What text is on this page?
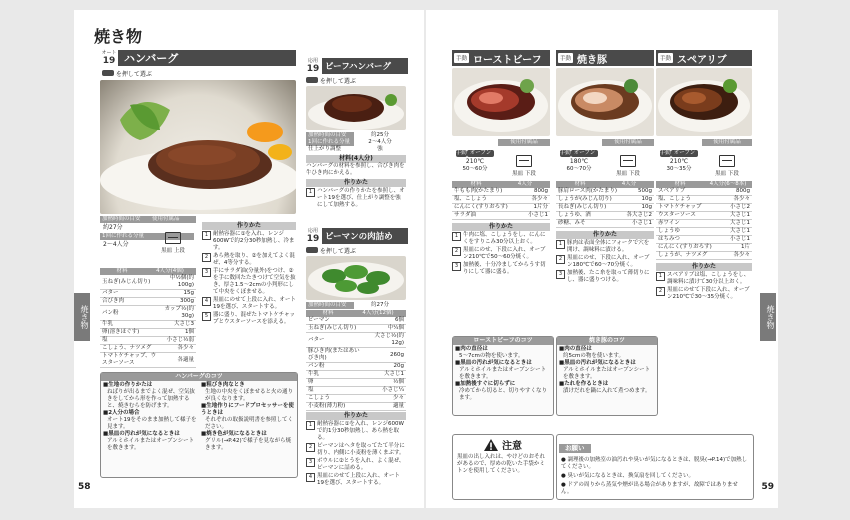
焼き物
オート
19 ハンバーグ
を押して選ぶ
加熱時間の目安
約27分
1回に作れる分量
2～4人分
使用付属品
黒皿 上段
材料	4人分(4個)
玉ねぎ(みじん切り)	中½個(約100g)
バター	15g
合びき肉	300g
パン粉	カップ½(約30g)
牛乳	大さじ3
卵(溶きほぐす)	1個
塩	小さじ½弱
こしょう、ナツメグ	各少々
トマトケチャップ、ウスターソース	各適量
作りかた
1 耐熱容器に①を入れ、レンジ600Wで約2分30秒加熱し、冷ます。
2 あら熱を取り、②を加えてよく混ぜ、4等分する。
3 手にサラダ油(分量外)をつけ、②を手に数回たたきつけて空気を抜き、厚さ1.5～2cmの小判形にして中央をくぼませる。
4 黒皿にのせて上段に入れ、オート19を選び、スタートする。
5 器に盛り、混ぜたトマトケチャップとウスターソースを添える。
応用
19 ビーフハンバーグ
を押して選ぶ
加熱時間の目安	約25分
1回に作れる分量	2～4人分
仕上がり調整	強
材料(4人分)
ハンバーグの材料を参照し、合びき肉を牛ひき肉にかえる。
作りかた
1 ハンバーグの作りかたを参照し、オート19を選び、仕上がり調整を強にして加熱する。
応用
19 ピーマンの肉詰め
を押して選ぶ
加熱時間の目安	約27分
材料	4人分(12個)
ピーマン	6個
玉ねぎ(みじん切り)	中¼個
バター	大さじ½(約12g)
豚ひき肉(またはあいびき肉)	260g
パン粉	20g
牛乳	大さじ1
卵	½個
塩	小さじ¼
こしょう	少々
小麦粉(薄力粉)	適量
作りかた
1 耐熱容器に①を入れ、レンジ600Wで約1分30秒加熱し、あら熱を取る。
2 ピーマンはヘタを取ってたて半分に切り、内側に小麦粉を薄くまぶす。
3 ボウルに②とうを入れ、よく混ぜ、ピーマンに詰める。
4 黒皿にのせて上段に入れ、オート19を選び、スタートする。
ハンバーグのコツ
■生地の作りかたは
ねばりが出るまでよく混ぜ、空気抜きをしてから形を作って加熱すると、焼きむらを防げます。
■2人分の場合
オート19をそのまま加熱して様子を見ます。
■黒皿の汚れが気になるときは
アルミホイルまたはオーブンシートを敷きます。
■粗びき肉なとき
生地の中央をくぼませると火の通りが良くなります。
■生地作りにフードプロセッサーを使うときは
それぞれの取扱説明書を参照してください。
■焼き色が気になるときは
グリル(→P.42)で様子を見ながら焼きます。
58
焼き物
手動 ローストビーフ
手動 オーブン
210℃
50～60分
使用付属品
黒皿 下段
材料	4人分
牛もも肉(かたまり)	800g
塩、こしょう	各少々
にんにく(すりおろす)	1片分
サラダ油	小さじ1
作りかた
1 牛肉に塩、こしょうをし、にんにくをすりこみ30分以上おく。
2 黒皿にのせ、下段に入れ、オーブン210℃で50～60分焼く。
3 加熱後、十分冷ましてからうす切りにして器に盛る。
手動 焼き豚
手動 オーブン
180℃
60～70分
使用付属品
黒皿 下段
材料	4人分
豚肩ロース肉(かたまり)	500g
しょうが(みじん切り)	10g
長ねぎ(みじん切り)	10g
しょうゆ、酒	各大さじ2
砂糖、みそ	小さじ1
作りかた
1 豚肉は表面全体にフォークで穴を開け、調味料に漬ける。
2 黒皿にのせ、下段に入れ、オーブン180℃で60～70分焼く。
3 加熱後、たこ糸を取って薄切りにし、器に盛りつける。
手動 スペアリブ
手動 オーブン
210℃
30～35分
使用付属品
黒皿 下段
材料	4人分(6～8本)
スペアリブ	800g
塩、こしょう	各少々
トマトケチャップ	小さじ2
ウスターソース	大さじ1
赤ワイン	大さじ1
しょうゆ	大さじ1
はちみつ	小さじ1
にんにく(すりおろす)	1片
しょうが、ナツメグ	各少々
作りかた
1 スペアリブは塩、こしょうをし、調味料に漬けて30分以上おく。
2 黒皿にのせて下段に入れ、オーブン210℃で30～35分焼く。
ローストビーフのコツ
■肉の直径は
5～7cmの物を使います。
■黒皿の汚れが気になるときは
アルミホイルまたはオーブンシートを敷きます。
■加熱後すぐに切らずに
冷めてから切ると、切りやすくなります。
焼き豚のコツ
■肉の直径は
約5cmの物を使います。
■黒皿の汚れが気になるときは
アルミホイルまたはオーブンシートを敷きます。
■たれを作るときは
漬けだれを鍋に入れて煮つめます。
注意
黒皿の出し入れは、やけどのおそれがあるので、厚めの乾いた手袋かミトンを使用してください。
お願い
● 調理後の加熱室の油汚れや臭いが気になるときは、脱臭(→P.14)で加熱してください。
● 臭いが気になるときは、換気扇を回してください。
● ドアの周りから蒸気や煙が出る場合がありますが、故障ではありません。	59
焼き物
